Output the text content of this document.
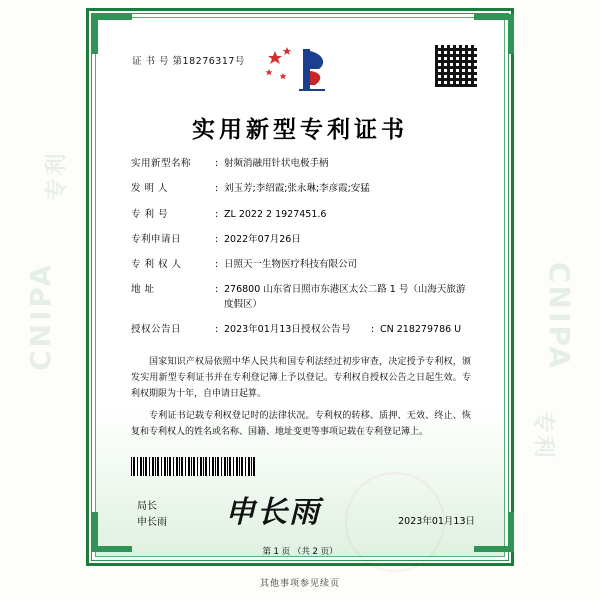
CNIPA	CNIPA
专利
专利
证 书 号 第18276317号
实用新型专利证书
实用新型名称	: 射频消融用针状电极手柄
发 明 人	: 刘玉芳;李绍霞;张永琳;李彦霞;安猛
专 利 号	: ZL 2022 2 1927451.6
专利申请日	: 2022年07月26日
专 利 权 人	: 日照天一生物医疗科技有限公司
地 址	: 276800 山东省日照市东港区太公二路 1 号（山海天旅游度假区）
授权公告日	: 2023年01月13日 授权公告号	: CN 218279786 U

国家知识产权局依照中华人民共和国专利法经过初步审查，决定授予专利权，颁发实用新型专利证书并在专利登记簿上予以登记。专利权自授权公告之日起生效。专利权期限为十年，自申请日起算。

专利证书记载专利权登记时的法律状况。专利权的转移、质押、无效、终止、恢复和专利权人的姓名或名称、国籍、地址变更等事项记载在专利登记簿上。

局长
申长雨 申长雨	2023年01月13日
第 1 页 （共 2 页）
其他事项参见续页
